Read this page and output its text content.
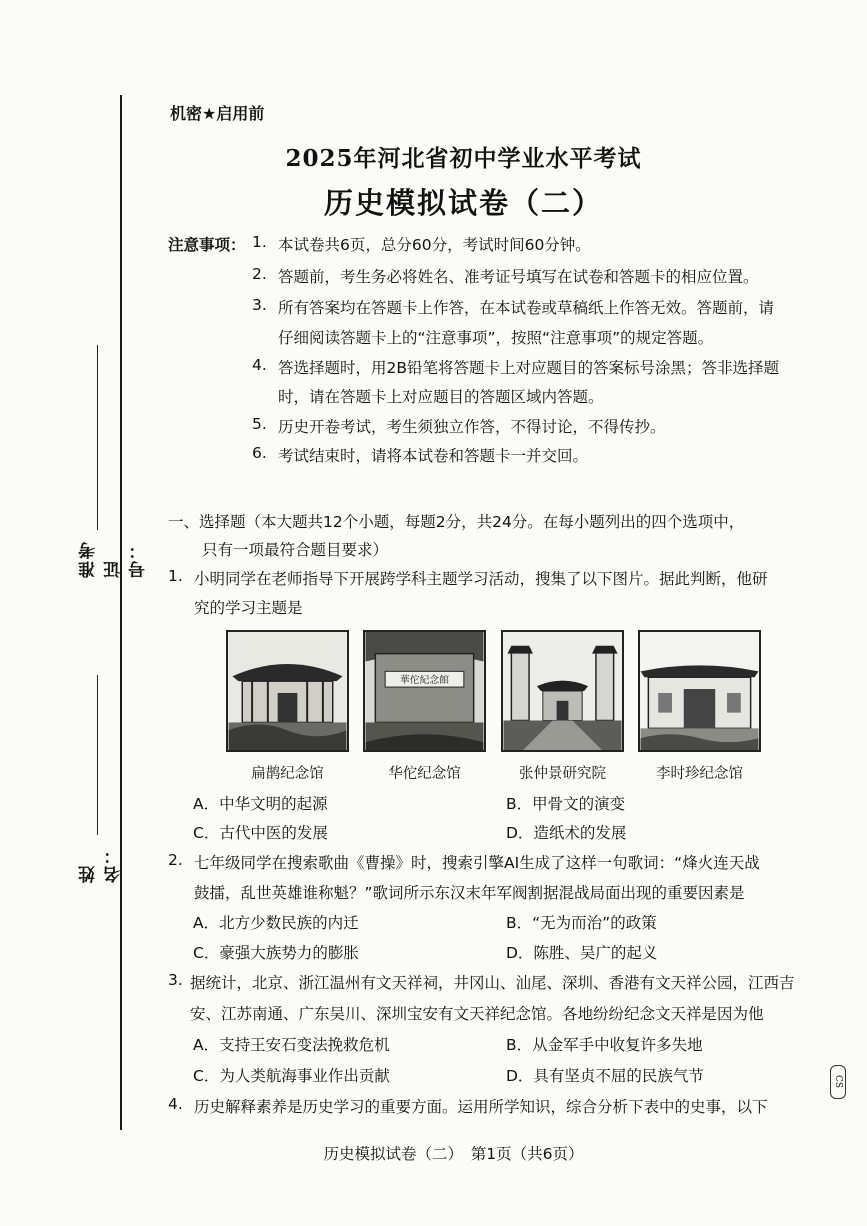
准考证号：
姓名：
机密★启用前
2025年河北省初中学业水平考试
历史模拟试卷（二）
注意事项： 1. 本试卷共6页，总分60分，考试时间60分钟。
2. 答题前，考生务必将姓名、准考证号填写在试卷和答题卡的相应位置。
3. 所有答案均在答题卡上作答，在本试卷或草稿纸上作答无效。答题前，请
仔细阅读答题卡上的“注意事项”，按照“注意事项”的规定答题。
4. 答选择题时，用2B铅笔将答题卡上对应题目的答案标号涂黑；答非选择题
时，请在答题卡上对应题目的答题区域内答题。
5. 历史开卷考试，考生须独立作答，不得讨论，不得传抄。
6. 考试结束时，请将本试卷和答题卡一并交回。
一、选择题（本大题共12个小题，每题2分，共24分。在每小题列出的四个选项中，
只有一项最符合题目要求）
1. 小明同学在老师指导下开展跨学科主题学习活动，搜集了以下图片。据此判断，他研
究的学习主题是
華佗紀念館
扁鹊纪念馆	华佗纪念馆	张仲景研究院	李时珍纪念馆
A．中华文明的起源	B．甲骨文的演变
C．古代中医的发展	D．造纸术的发展
2. 七年级同学在搜索歌曲《曹操》时，搜索引擎AI生成了这样一句歌词：“烽火连天战
鼓擂，乱世英雄谁称魁？”歌词所示东汉末年军阀割据混战局面出现的重要因素是
A．北方少数民族的内迁	B．“无为而治”的政策
C．豪强大族势力的膨胀	D．陈胜、吴广的起义
3. 据统计，北京、浙江温州有文天祥祠，井冈山、汕尾、深圳、香港有文天祥公园，江西吉
安、江苏南通、广东吴川、深圳宝安有文天祥纪念馆。各地纷纷纪念文天祥是因为他
A．支持王安石变法挽救危机	B．从金军手中收复许多失地
C．为人类航海事业作出贡献	D．具有坚贞不屈的民族气节
4. 历史解释素养是历史学习的重要方面。运用所学知识，综合分析下表中的史事，以下
CS
历史模拟试卷（二）　第1页（共6页）
